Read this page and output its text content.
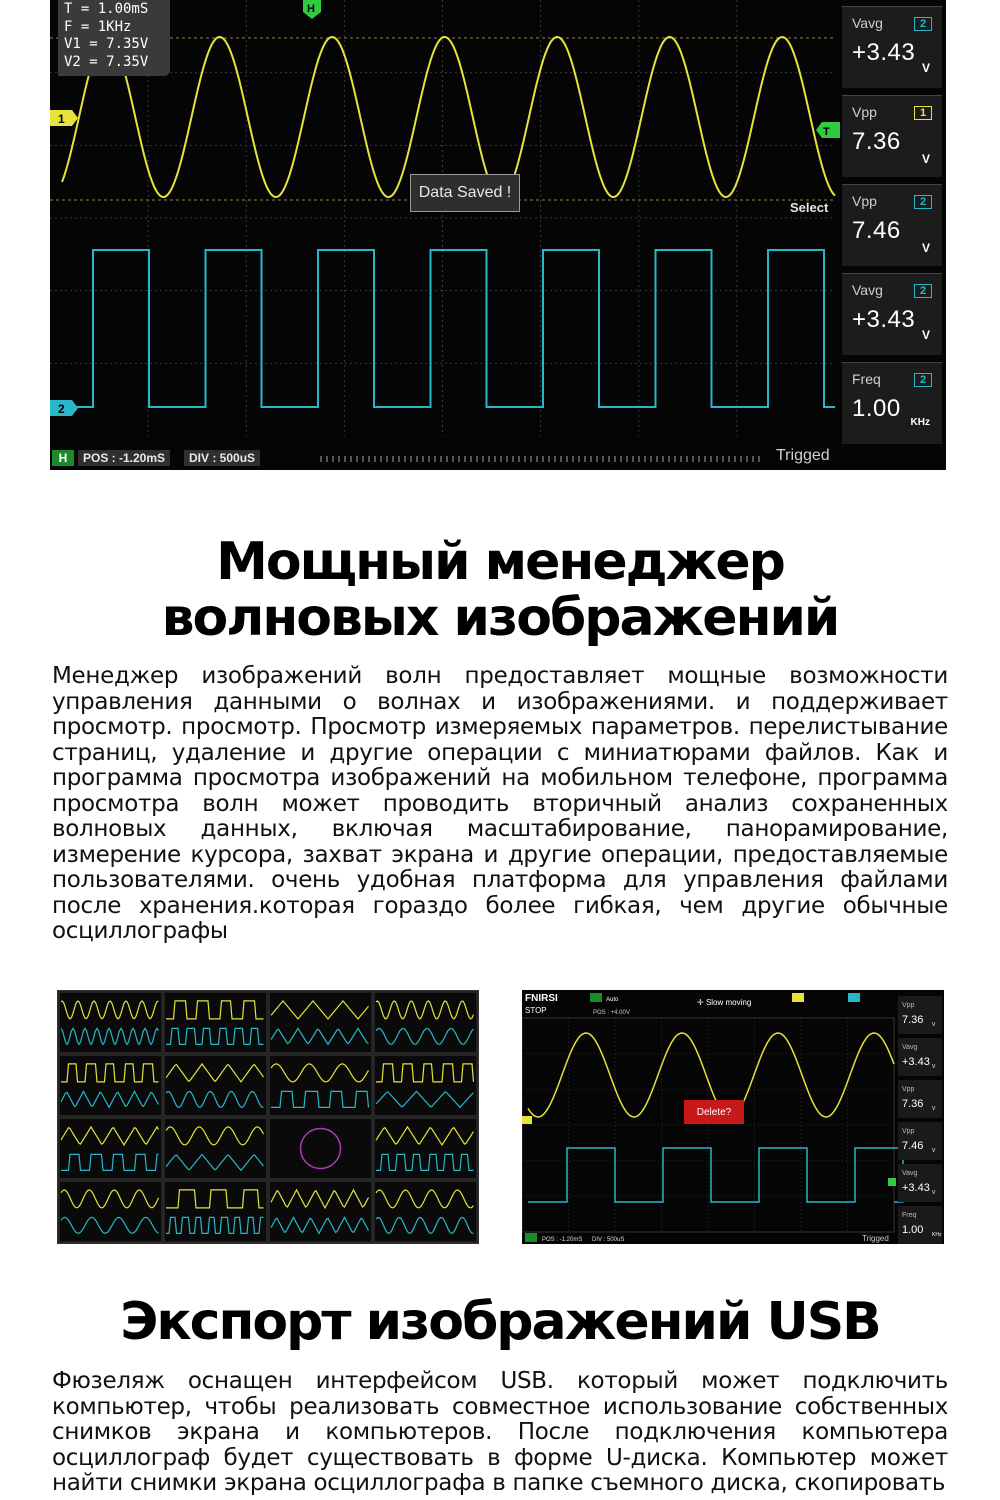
1
2
T
H
T = 1.00mS
F = 1KHz
V1 = 7.35V
V2 = 7.35V
Data Saved !
Select
Vavg	2
+3.43
V
Vpp	1
7.36
V
Vpp	2
7.46
V
Vavg	2
+3.43
V
Freq	2
1.00
KHz
H	POS : -1.20mS	DIV : 500uS	Trigged
Мощный менеджер
волновых изображений

Менеджер изображений волн предоставляет мощные возможности управления данными о волнах и изображениями. и поддерживает просмотр. просмотр. Просмотр измеряемых параметров. перелистывание страниц, удаление и другие операции с миниатюрами файлов. Как и программа просмотра изображений на мобильном телефоне, программа просмотра волн может проводить вторичный анализ сохраненных волновых данных, включая масштабирование, панорамирование, измерение курсора, захват экрана и другие операции, предоставляемые пользователями. очень удобная платформа для управления файлами после хранения.которая гораздо более гибкая, чем другие обычные осциллографы

FNIRSI
STOP
Auto
POS : +4.00V
✛ Slow moving
POS : -1.20mS DIV : 500uS	Trigged
Vpp
7.36 V
Vavg
+3.43 V
Vpp
7.36 V
Vpp
7.46 V
Vavg
+3.43 V
Freq
1.00 KHz
Delete?
Экспорт изображений USB

Фюзеляж оснащен интерфейсом USB. который может подключить компьютер, чтобы реализовать совместное использование собственных снимков экрана и компьютеров. После подключения компьютера осциллограф будет существовать в форме U-диска. Компьютер может найти снимки экрана осциллографа в папке съемного диска, скопировать
